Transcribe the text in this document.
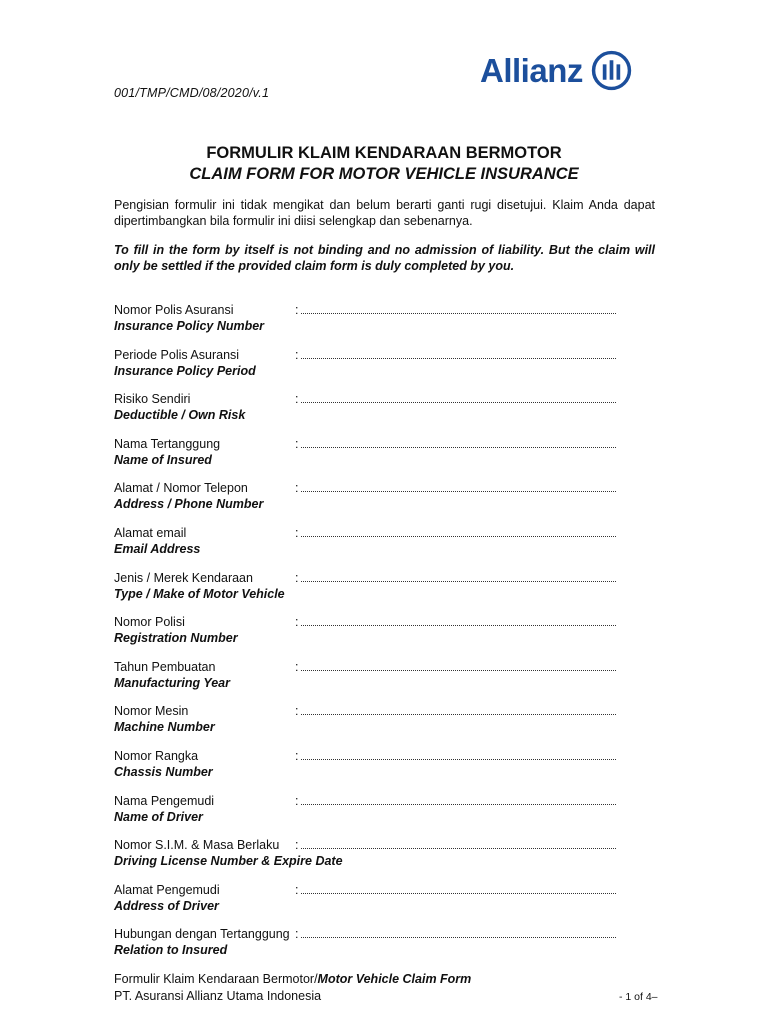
001/TMP/CMD/08/2020/v.1
Allianz
FORMULIR KLAIM KENDARAAN BERMOTOR
CLAIM FORM FOR MOTOR VEHICLE INSURANCE
Pengisian formulir ini tidak mengikat dan belum berarti ganti rugi disetujui. Klaim Anda dapat dipertimbangkan bila formulir ini diisi selengkap dan sebenarnya.
To fill in the form by itself is not binding and no admission of liability. But the claim will only be settled if the provided claim form is duly completed by you.
Nomor Polis Asuransi
Insurance Policy Number
:
Periode Polis Asuransi
Insurance Policy Period
:
Risiko Sendiri
Deductible / Own Risk
:
Nama Tertanggung
Name of Insured
:
Alamat / Nomor Telepon
Address / Phone Number
:
Alamat email
Email Address
:
Jenis / Merek Kendaraan
Type / Make of Motor Vehicle
:
Nomor Polisi
Registration Number
:
Tahun Pembuatan
Manufacturing Year
:
Nomor Mesin
Machine Number
:
Nomor Rangka
Chassis Number
:
Nama Pengemudi
Name of Driver
:
Nomor S.I.M. & Masa Berlaku
Driving License Number & Expire Date
:
Alamat Pengemudi
Address of Driver
:
Hubungan dengan Tertanggung
Relation to Insured
:
Formulir Klaim Kendaraan Bermotor/Motor Vehicle Claim Form
PT. Asuransi Allianz Utama Indonesia	- 1 of 4–
